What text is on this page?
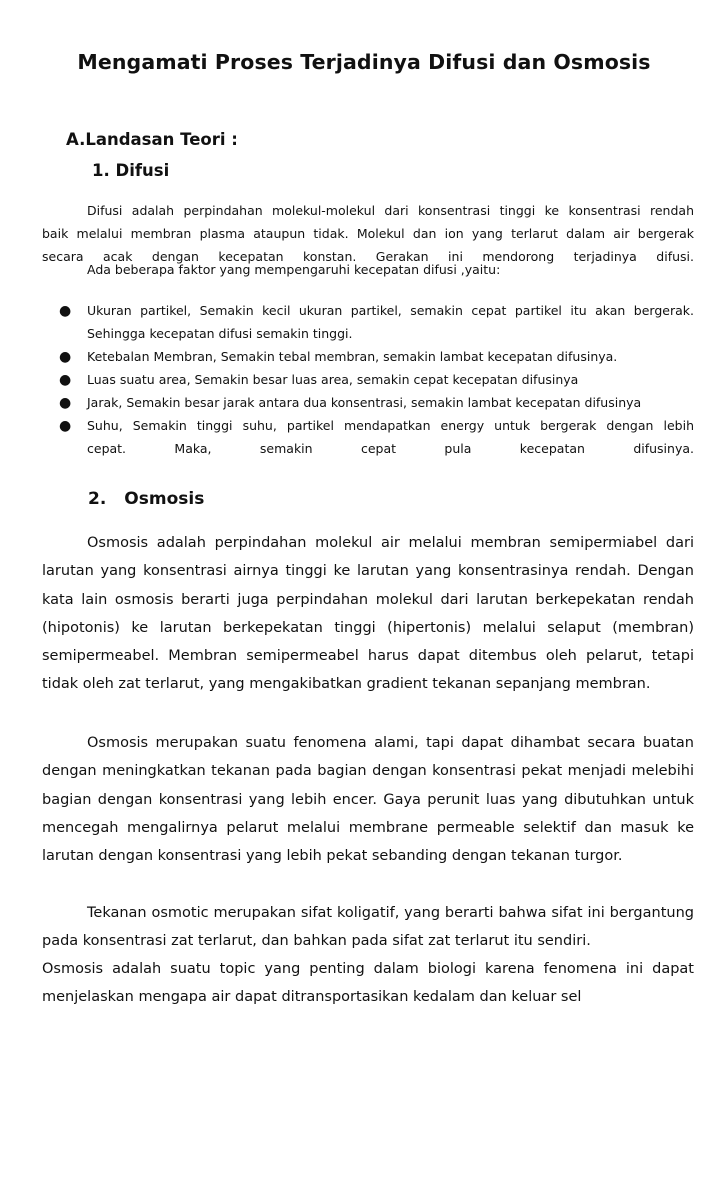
Mengamati Proses Terjadinya Difusi dan Osmosis
A.Landasan Teori :
1. Difusi
Difusi adalah perpindahan molekul-molekul dari konsentrasi tinggi ke konsentrasi rendah
baik melalui membran plasma ataupun tidak. Molekul dan ion yang terlarut dalam air bergerak
secara acak dengan kecepatan konstan. Gerakan ini mendorong terjadinya difusi.
Ada beberapa faktor yang mempengaruhi kecepatan difusi ,yaitu:
● Ukuran partikel, Semakin kecil ukuran partikel, semakin cepat partikel itu akan bergerak.
Sehingga kecepatan difusi semakin tinggi.
● Ketebalan Membran, Semakin tebal membran, semakin lambat kecepatan difusinya.
● Luas suatu area, Semakin besar luas area, semakin cepat kecepatan difusinya
● Jarak, Semakin besar jarak antara dua konsentrasi, semakin lambat kecepatan difusinya
● Suhu, Semakin tinggi suhu, partikel mendapatkan energy untuk bergerak dengan lebih
cepat. Maka, semakin cepat pula kecepatan difusinya.
2. Osmosis
Osmosis adalah perpindahan molekul air melalui membran semipermiabel dari larutan yang konsentrasi airnya tinggi ke larutan yang konsentrasinya rendah. Dengan kata lain osmosis berarti juga perpindahan molekul dari larutan berkepekatan rendah (hipotonis) ke larutan berkepekatan tinggi (hipertonis) melalui selaput (membran) semipermeabel. Membran semipermeabel harus dapat ditembus oleh pelarut, tetapi tidak oleh zat terlarut, yang mengakibatkan gradient tekanan sepanjang membran.
Osmosis merupakan suatu fenomena alami, tapi dapat dihambat secara buatan dengan meningkatkan tekanan pada bagian dengan konsentrasi pekat menjadi melebihi bagian dengan konsentrasi yang lebih encer. Gaya perunit luas yang dibutuhkan untuk mencegah mengalirnya pelarut melalui membrane permeable selektif dan masuk ke larutan dengan konsentrasi yang lebih pekat sebanding dengan tekanan turgor.
Tekanan osmotic merupakan sifat koligatif, yang berarti bahwa sifat ini bergantung pada konsentrasi zat terlarut, dan bahkan pada sifat zat terlarut itu sendiri.
Osmosis adalah suatu topic yang penting dalam biologi karena fenomena ini dapat menjelaskan mengapa air dapat ditransportasikan kedalam dan keluar sel
